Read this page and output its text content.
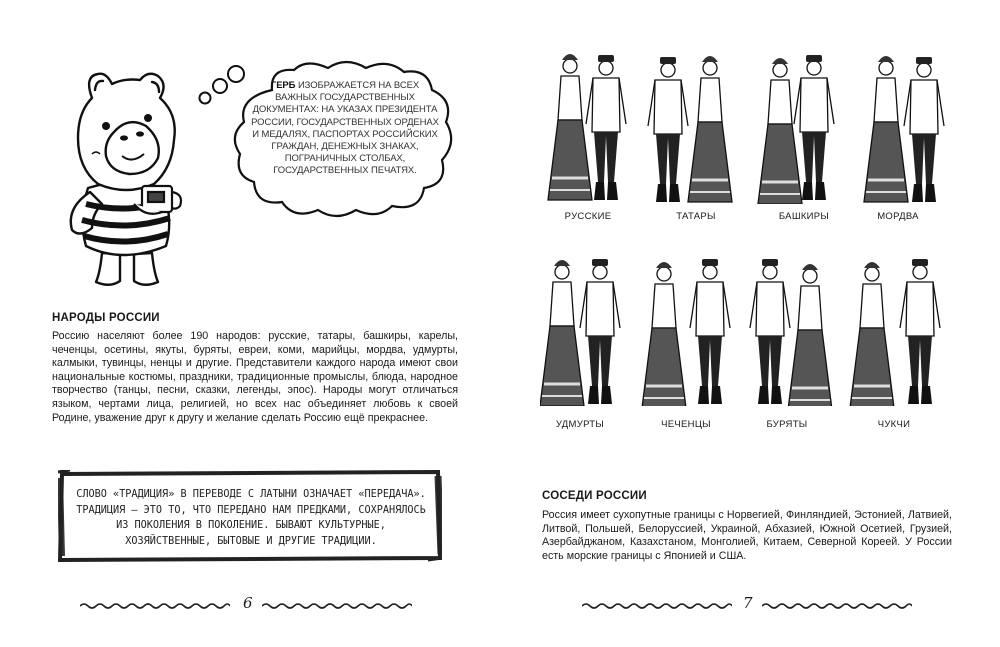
ГЕРБ ИЗОБРАЖАЕТСЯ НА ВСЕХ ВАЖНЫХ ГОСУДАРСТВЕННЫХ ДОКУМЕНТАХ: НА УКАЗАХ ПРЕЗИДЕНТА РОССИИ, ГОСУДАРСТВЕННЫХ ОРДЕНАХ И МЕДАЛЯХ, ПАСПОРТАХ РОССИЙСКИХ ГРАЖДАН, ДЕНЕЖНЫХ ЗНАКАХ, ПОГРАНИЧНЫХ СТОЛБАХ, ГОСУДАРСТВЕННЫХ ПЕЧАТЯХ.
НАРОДЫ РОССИИ
Россию населяют более 190 народов: русские, татары, башкиры, карелы, чеченцы, осетины, якуты, буряты, евреи, коми, марийцы, мордва, удмурты, калмыки, тувинцы, ненцы и другие. Представители каждого народа имеют свои национальные костюмы, праздники, традиционные промыслы, блюда, народное творчество (танцы, песни, сказки, легенды, эпос). Народы могут отличаться языком, чертами лица, религией, но всех нас объединяет любовь к своей Родине, уважение друг к другу и желание сделать Россию ещё прекраснее.
СЛОВО «ТРАДИЦИЯ» В ПЕРЕВОДЕ С ЛАТЫНИ ОЗНАЧАЕТ «ПЕРЕДАЧА». ТРАДИЦИЯ — ЭТО ТО, ЧТО ПЕРЕДАНО НАМ ПРЕДКАМИ, СОХРАНЯЛОСЬ ИЗ ПОКОЛЕНИЯ В ПОКОЛЕНИЕ. БЫВАЮТ КУЛЬТУРНЫЕ, ХОЗЯЙСТВЕННЫЕ, БЫТОВЫЕ И ДРУГИЕ ТРАДИЦИИ.
6
РУССКИЕ	ТАТАРЫ	БАШКИРЫ	МОРДВА
УДМУРТЫ	ЧЕЧЕНЦЫ	БУРЯТЫ	ЧУКЧИ
СОСЕДИ РОССИИ
Россия имеет сухопутные границы с Норвегией, Финляндией, Эстонией, Латвией, Литвой, Польшей, Белоруссией, Украиной, Абхазией, Южной Осетией, Грузией, Азербайджаном, Казахстаном, Монголией, Китаем, Северной Кореей. У России есть морские границы с Японией и США.
7
